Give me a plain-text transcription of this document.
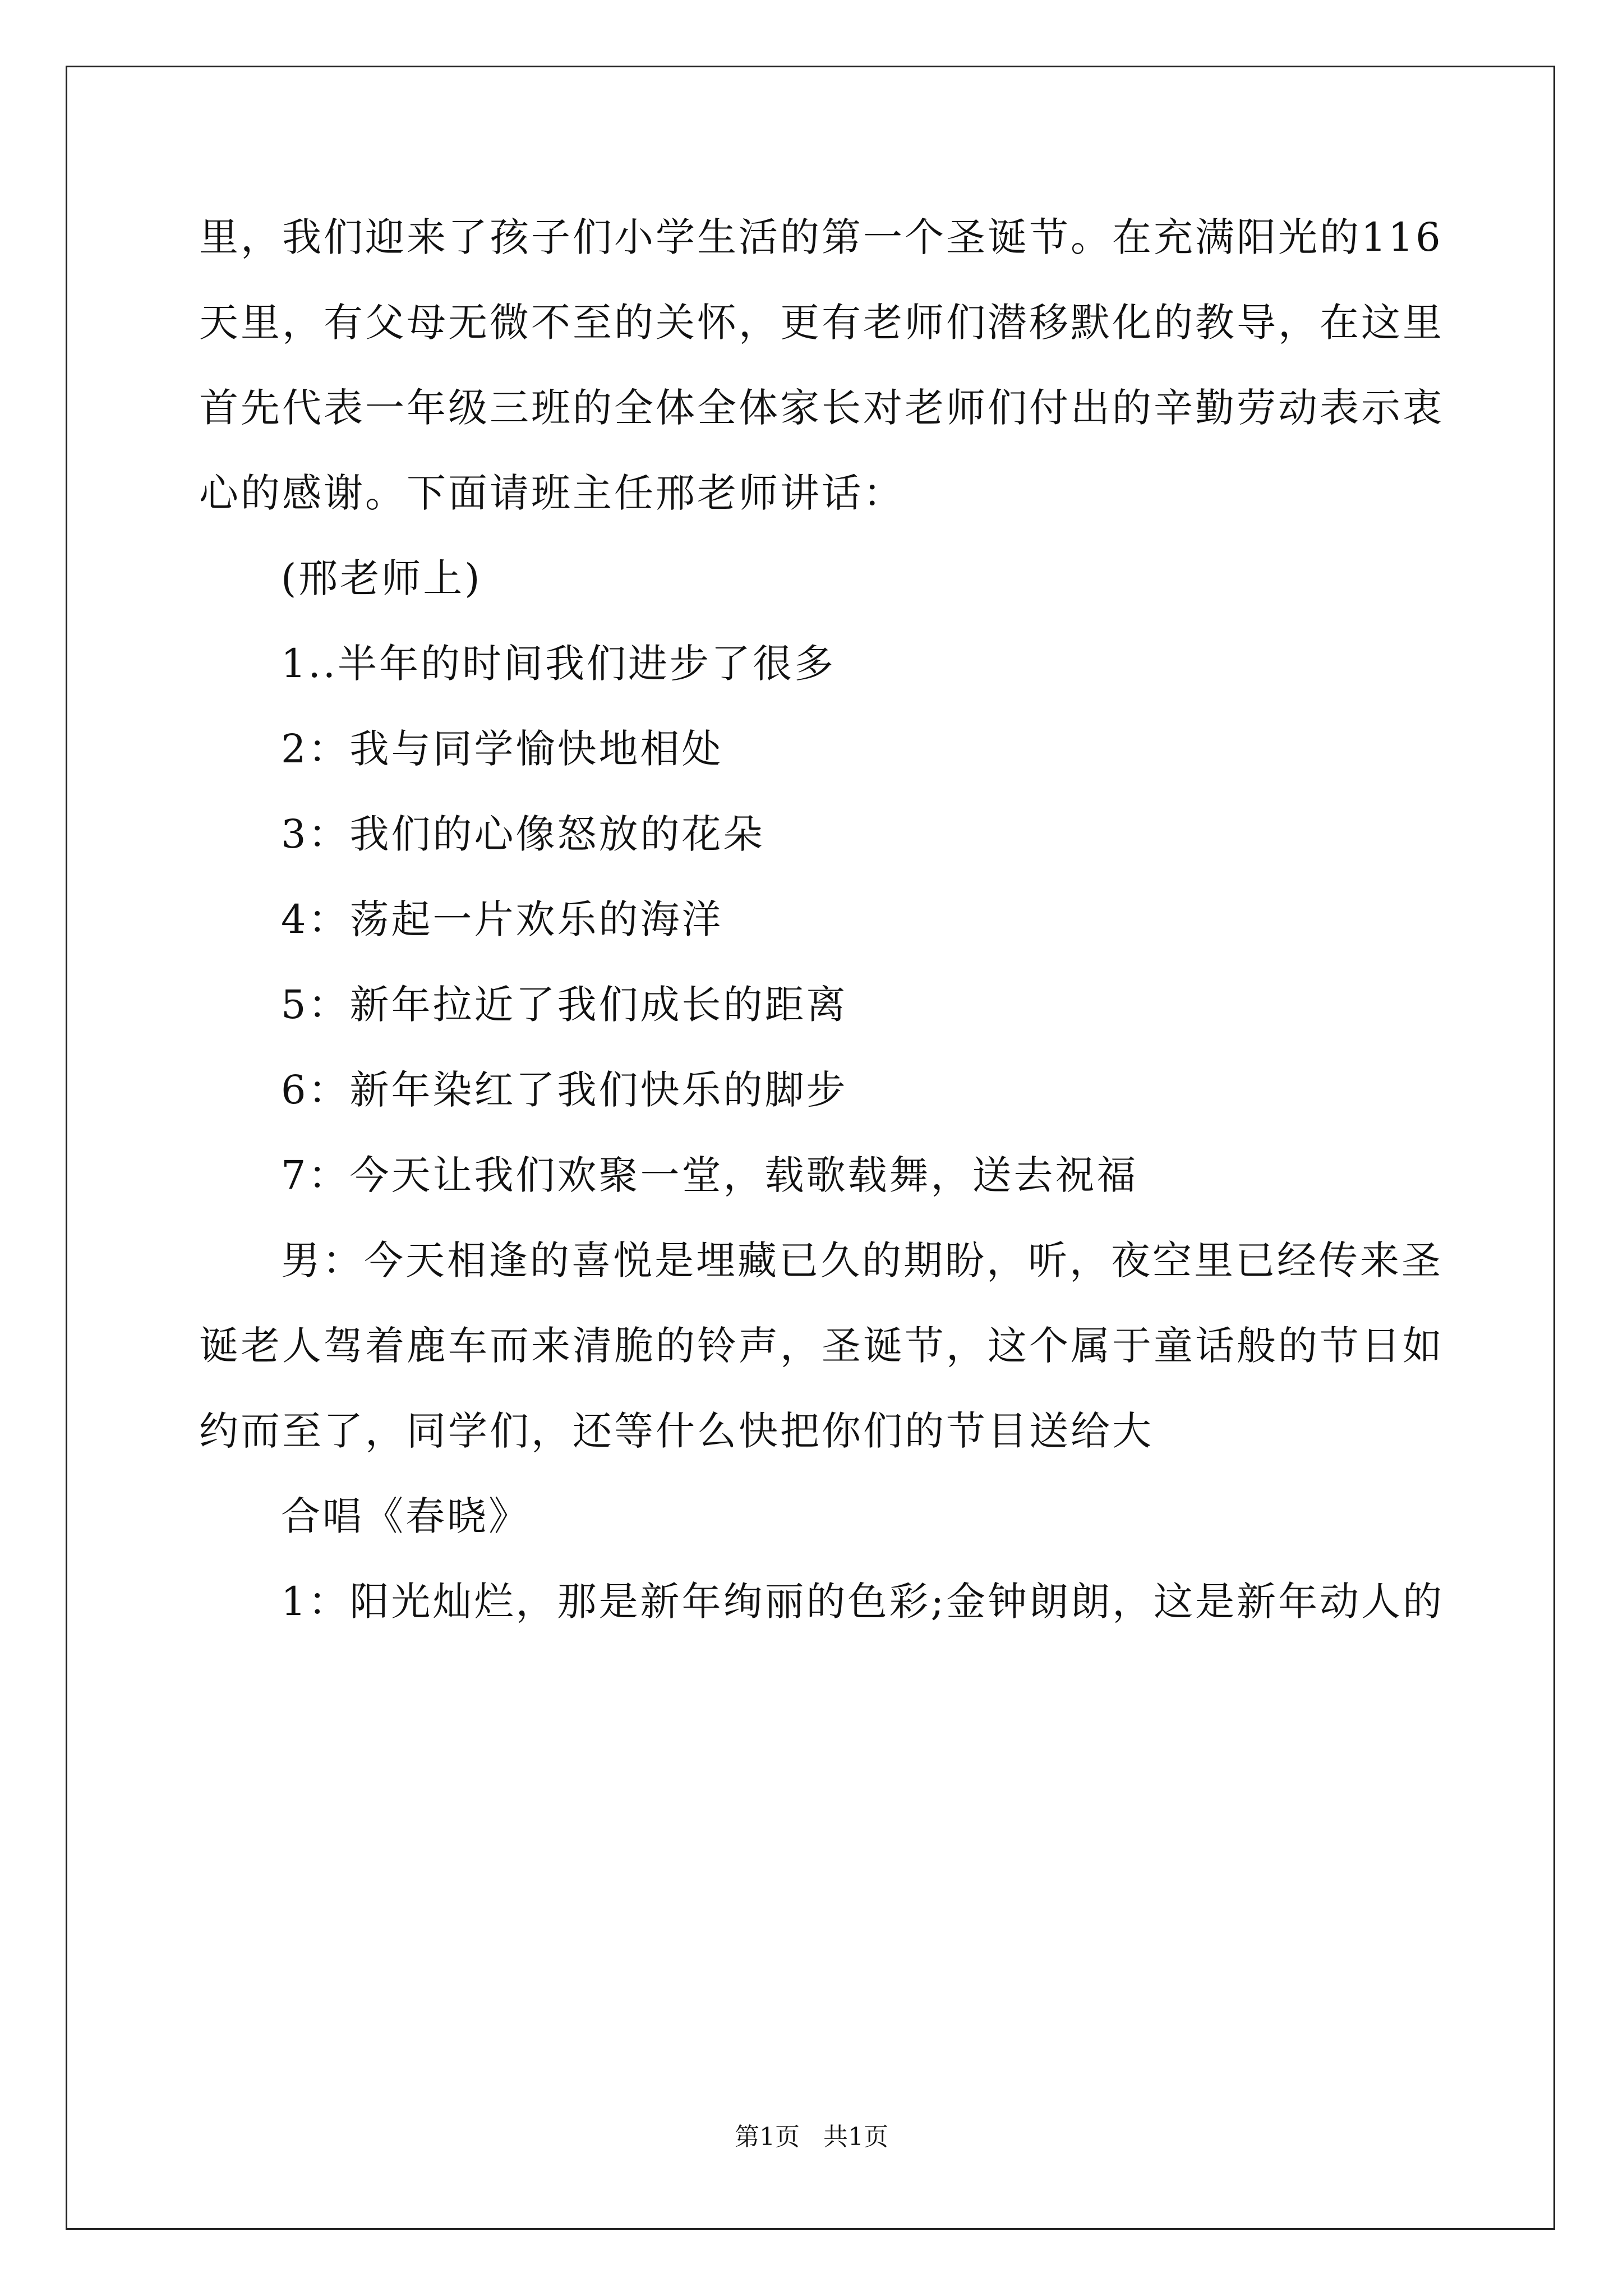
里，我们迎来了孩子们小学生活的第一个圣诞节。在充满阳光的116
天里，有父母无微不至的关怀，更有老师们潜移默化的教导，在这里
首先代表一年级三班的全体全体家长对老师们付出的辛勤劳动表示衷
心的感谢。下面请班主任邢老师讲话：
(邢老师上)
1..半年的时间我们进步了很多
2：我与同学愉快地相处
3：我们的心像怒放的花朵
4：荡起一片欢乐的海洋
5：新年拉近了我们成长的距离
6：新年染红了我们快乐的脚步
7：今天让我们欢聚一堂，载歌载舞，送去祝福
男：今天相逢的喜悦是埋藏已久的期盼，听，夜空里已经传来圣
诞老人驾着鹿车而来清脆的铃声，圣诞节，这个属于童话般的节日如
约而至了，同学们，还等什么快把你们的节目送给大
合唱《春晓》
1：阳光灿烂，那是新年绚丽的色彩;金钟朗朗，这是新年动人的
第1页   共1页
